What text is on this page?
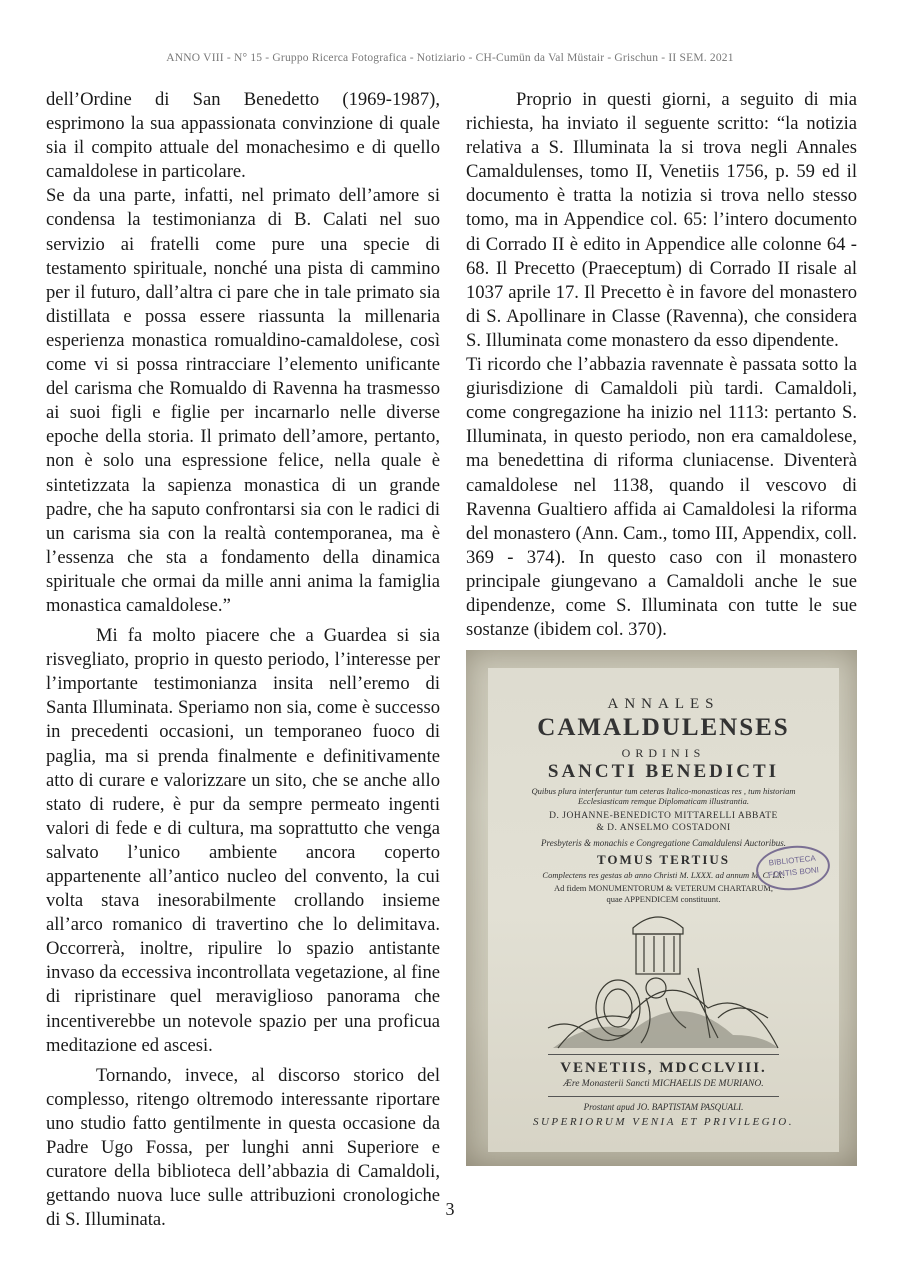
ANNO VIII - N° 15 - Gruppo Ricerca Fotografica - Notiziario - CH-Cumün da Val Müstair - Grischun - II SEM. 2021

dell’Ordine di San Benedetto (1969-1987), esprimono la sua appassionata convinzione di quale sia il compito attuale del monachesimo e di quello camaldolese in particolare.

Se da una parte, infatti, nel primato dell’amore si condensa la testimonianza di B. Calati nel suo servizio ai fratelli come pure una specie di testamento spirituale, nonché una pista di cammino per il futuro, dall’altra ci pare che in tale primato sia distillata e possa essere riassunta la millenaria esperienza monastica romualdino-camaldolese, così come vi si possa rintracciare l’elemento unificante del carisma che Romualdo di Ravenna ha trasmesso ai suoi figli e figlie per incarnarlo nelle diverse epoche della storia. Il primato dell’amore, pertanto, non è solo una espressione felice, nella quale è sintetizzata la sapienza monastica di un grande padre, che ha saputo confrontarsi sia con le radici di un carisma sia con la realtà contemporanea, ma è l’essenza che sta a fondamento della dinamica spirituale che ormai da mille anni anima la famiglia monastica camaldolese.”

Mi fa molto piacere che a Guardea si sia risvegliato, proprio in questo periodo, l’interesse per l’importante testimonianza insita nell’eremo di Santa Illuminata. Speriamo non sia, come è successo in precedenti occasioni, un temporaneo fuoco di paglia, ma si prenda finalmente e definitivamente atto di curare e valorizzare un sito, che se anche allo stato di rudere, è pur da sempre permeato ingenti valori di fede e di cultura, ma soprattutto che venga salvato l’unico ambiente ancora coperto appartenente all’antico nucleo del convento, la cui volta stava inesorabilmente crollando insieme all’arco romanico di travertino che lo delimitava. Occorrerà, inoltre, ripulire lo spazio antistante invaso da eccessiva incontrollata vegetazione, al fine di ripristinare quel meraviglioso panorama che incentiverebbe un notevole spazio per una proficua meditazione ed ascesi.

Tornando, invece, al discorso storico del complesso, ritengo oltremodo interessante riportare uno studio fatto gentilmente in questa occasione da Padre Ugo Fossa, per lunghi anni Superiore e curatore della biblioteca dell’abbazia di Camaldoli, gettando nuova luce sulle attribuzioni cronologiche di S. Illuminata.

Proprio in questi giorni, a seguito di mia richiesta, ha inviato il seguente scritto: “la notizia relativa a S. Illuminata la si trova negli Annales Camaldulenses, tomo II, Venetiis 1756, p. 59 ed il documento è tratta la notizia si trova nello stesso tomo, ma in Appendice col. 65: l’intero documento di Corrado II è edito in Appendice alle colonne 64 - 68. Il Precetto (Praeceptum) di Corrado II risale al 1037 aprile 17. Il Precetto è in favore del monastero di S. Apollinare in Classe (Ravenna), che considera S. Illuminata come monastero da esso dipendente.

Ti ricordo che l’abbazia ravennate è passata sotto la giurisdizione di Camaldoli più tardi. Camaldoli, come congregazione ha inizio nel 1113: pertanto S. Illuminata, in questo periodo, non era camaldolese, ma benedettina di riforma cluniacense. Diventerà camaldolese nel 1138, quando il vescovo di Ravenna Gualtiero affida ai Camaldolesi la riforma del monastero (Ann. Cam., tomo III, Appendix, coll. 369 - 374). In questo caso con il monastero principale giungevano a Camaldoli anche le sue dipendenze, come S. Illuminata con tutte le sue sostanze (ibidem col. 370).

ANNALES
CAMALDULENSES
ORDINIS
SANCTI BENEDICTI
Quibus plura interferuntur tum ceteras Italico-monasticas res , tum historiam Ecclesiasticam remque Diplomaticam illustrantia.
D. JOHANNE-BENEDICTO MITTARELLI ABBATE
& D. ANSELMO COSTADONI
Presbyteris & monachis e Congregatione Camaldulensi Auctoribus.
TOMUS TERTIUS
Complectens res gestas ab anno Christi M. LXXX. ad annum M. C. LX.
Ad fidem MONUMENTORUM & VETERUM CHARTARUM,
quae APPENDICEM constituunt.
BIBLIOTECA
FONTIS BONI
VENETIIS, MDCCLVIII.
Ære Monasterii Sancti MICHAELIS DE MURIANO.
Prostant apud JO. BAPTISTAM PASQUALI.
SUPERIORUM VENIA ET PRIVILEGIO.
3
